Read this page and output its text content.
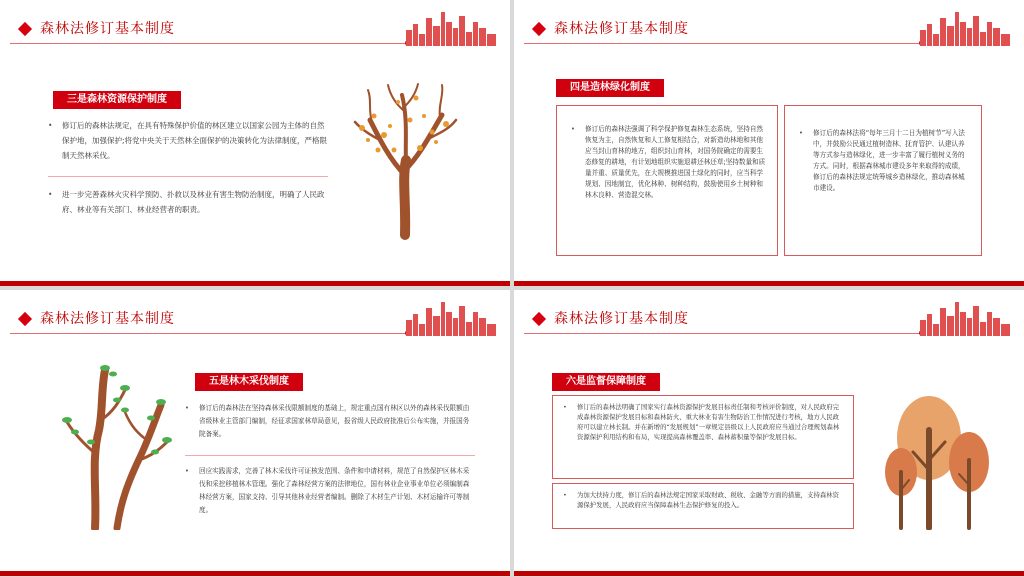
森林法修订基本制度
三是森林资源保护制度
• 修订后的森林法规定，在具有特殊保护价值的林区建立以国家公园为主体的自然保护地，加强保护;将党中央关于天然林全面保护的决策转化为法律制度，严格限制天然林采伐。
• 进一步完善森林火灾科学预防、扑救以及林业有害生物防治制度，明确了人民政府、林业等有关部门、林业经营者的职责。
森林法修订基本制度
四是造林绿化制度
• 修订后的森林法强调了科学保护修复森林生态系统，坚持自然恢复为主，自然恢复和人工修复相结合，对新造幼林地和其他应当封山育林的地方，组织封山育林，对国务院确定的需要生态修复的耕地，有计划地组织实施退耕还林还草;坚持数量和质量并重、质量优先，在大规模推进国土绿化的同时，应当科学规划、因地制宜，优化林种、树种结构，鼓励使用乡土树种和林木良种、营造混交林。
• 修订后的森林法将“每年三月十二日为植树节”写入法中，并鼓励公民通过植树造林、抚育管护、认建认养等方式参与造林绿化，进一步丰富了履行植树义务的方式。同时，根据森林城市建设多年来取得的成绩，修订后的森林法规定统筹城乡造林绿化，推动森林城市建设。
森林法修订基本制度
五是林木采伐制度
• 修订后的森林法在坚持森林采伐限额制度的基础上，规定重点国有林区以外的森林采伐限额由省级林业主管部门编制，经征求国家林草局意见，报省级人民政府批准后公布实施，并报国务院备案。
• 回应实践需求，完善了林木采伐许可证核发范围、条件和申请材料，规范了自然保护区林木采伐和采挖移植林木管理。强化了森林经营方案的法律地位，国有林业企业事业单位必须编制森林经营方案，国家支持、引导其他林业经营者编制。删除了木材生产计划、木材运输许可等制度。
森林法修订基本制度
六是监督保障制度
• 修订后的森林法明确了国家实行森林资源保护发展目标责任制和考核评价制度，对人民政府完成森林资源保护发展目标和森林防火、重大林业有害生物防治工作情况进行考核，地方人民政府可以建立林长制。并在新增的“发展规划”一章规定县级以上人民政府应当通过合理规划森林资源保护利用结构和布局，实现提高森林覆盖率、森林蓄积量等保护发展目标。
• 为加大扶持力度，修订后的森林法规定国家采取财政、税收、金融等方面的措施，支持森林资源保护发展，人民政府应当保障森林生态保护修复的投入。
